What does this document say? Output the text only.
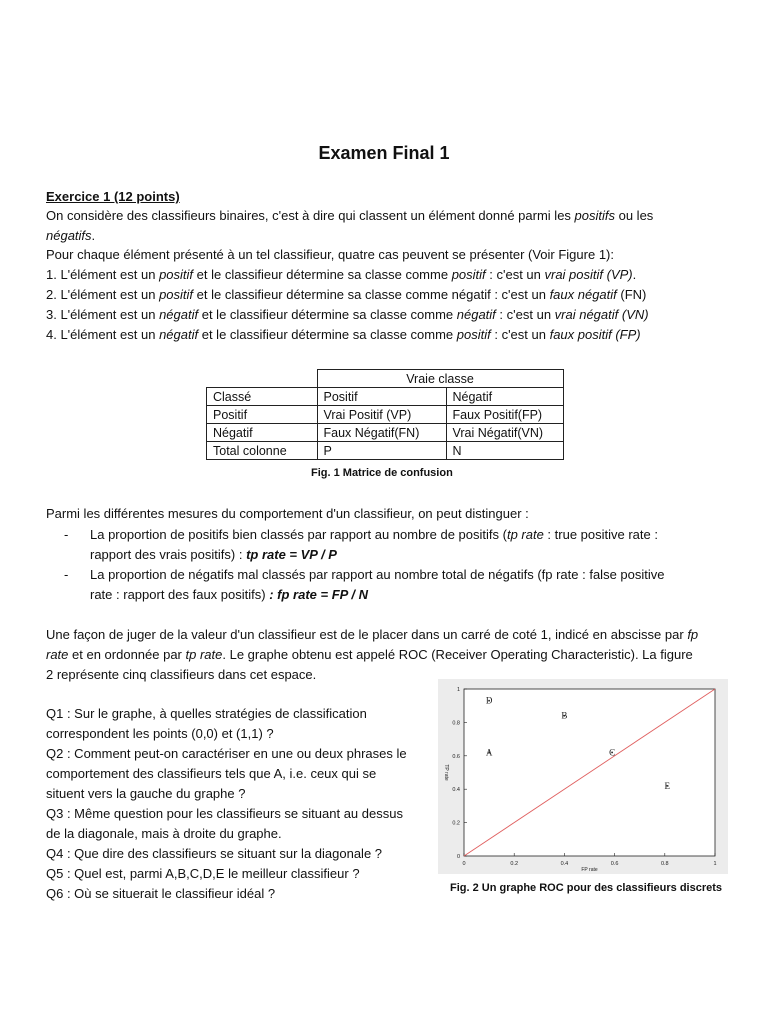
Examen Final 1
Exercice 1 (12 points)
On considère des classifieurs binaires, c'est à dire qui classent un élément donné parmi les positifs ou les
négatifs.
Pour chaque élément présenté à un tel classifieur, quatre cas peuvent se présenter (Voir Figure 1):
1. L'élément est un positif et le classifieur détermine sa classe comme positif : c'est un vrai positif (VP).
2. L'élément est un positif et le classifieur détermine sa classe comme négatif : c'est un faux négatif (FN)
3. L'élément est un négatif et le classifieur détermine sa classe comme négatif : c'est un vrai négatif (VN)
4. L'élément est un négatif et le classifieur détermine sa classe comme positif : c'est un faux positif (FP)
	Vraie classe	
Classé	Positif	Négatif
Positif	Vrai Positif (VP)	Faux Positif(FP)
Négatif	Faux Négatif(FN)	Vrai Négatif(VN)
Total colonne	P	N
Fig. 1 Matrice de confusion
Parmi les différentes mesures du comportement d'un classifieur, on peut distinguer :
- La proportion de positifs bien classés par rapport au nombre de positifs (tp rate : true positive rate :
rapport des vrais positifs) : tp rate = VP / P
- La proportion de négatifs mal classés par rapport au nombre total de négatifs (fp rate : false positive
rate : rapport des faux positifs) : fp rate = FP / N
Une façon de juger de la valeur d'un classifieur est de le placer dans un carré de coté 1, indicé en abscisse par fp
rate et en ordonnée par tp rate. Le graphe obtenu est appelé ROC (Receiver Operating Characteristic). La figure
2 représente cinq classifieurs dans cet espace.
Q1 : Sur le graphe, à quelles stratégies de classification
correspondent les points (0,0) et (1,1) ?
Q2 : Comment peut-on caractériser en une ou deux phrases le
comportement des classifieurs tels que A, i.e. ceux qui se
situent vers la gauche du graphe ?
Q3 : Même question pour les classifieurs se situant au dessus
de la diagonale, mais à droite du graphe.
Q4 : Que dire des classifieurs se situant sur la diagonale ?
Q5 : Quel est, parmi A,B,C,D,E le meilleur classifieur ?
Q6 : Où se situerait le classifieur idéal ?
0	0.2	0.4	0.6	0.8	1
0
0.2
0.4
0.6
0.8
1
FP rate
TP rate
D
B
A	C
E
Fig. 2 Un graphe ROC pour des classifieurs discrets
